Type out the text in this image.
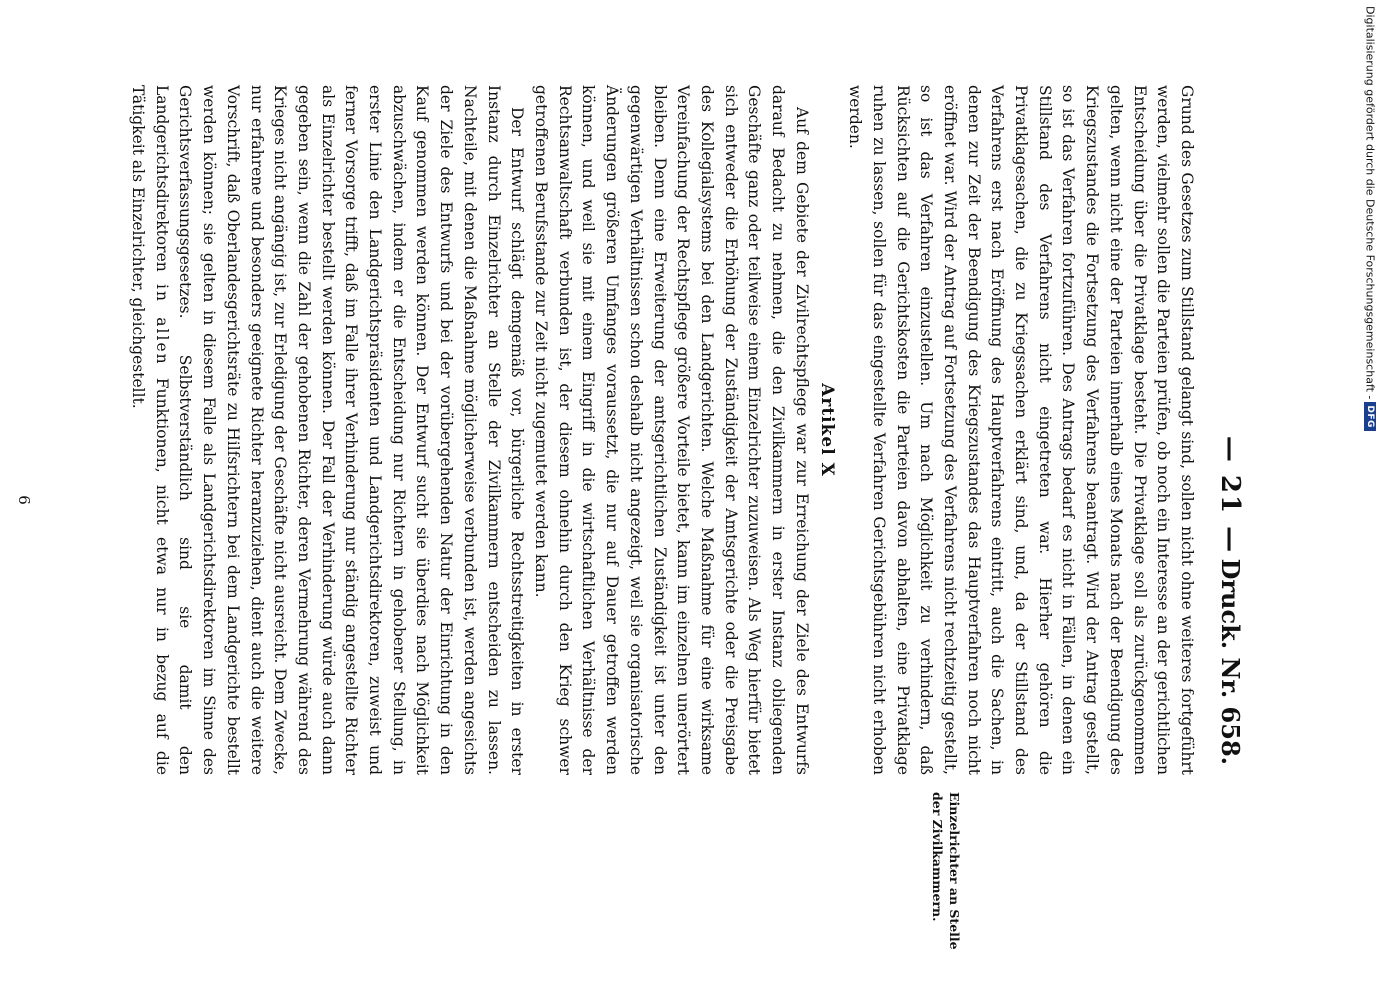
— 21 —
Druck. Nr. 658.

Grund des Gesetzes zum Stillstand gelangt sind, sollen nicht ohne weiteres fortgeführt werden, vielmehr sollen die Parteien prüfen, ob noch ein Interesse an der gerichtlichen Entscheidung über die Privatklage besteht. Die Privatklage soll als zurückgenommen gelten, wenn nicht eine der Parteien innerhalb eines Monats nach der Beendigung des Kriegszustandes die Fortsetzung des Verfahrens beantragt. Wird der Antrag gestellt, so ist das Verfahren fortzuführen. Des Antrags bedarf es nicht in Fällen, in denen ein Stillstand des Verfahrens nicht eingetreten war. Hierher gehören die Privatklagesachen, die zu Kriegssachen erklärt sind, und, da der Stillstand des Verfahrens erst nach Eröffnung des Hauptverfahrens eintritt, auch die Sachen, in denen zur Zeit der Beendigung des Kriegszustandes das Hauptverfahren noch nicht eröffnet war. Wird der Antrag auf Fortsetzung des Verfahrens nicht rechtzeitig gestellt, so ist das Verfahren einzustellen. Um nach Möglichkeit zu verhindern, daß Rücksichten auf die Gerichtskosten die Parteien davon abhalten, eine Privatklage ruhen zu lassen, sollen für das eingestellte Verfahren Gerichtsgebühren nicht erhoben werden.

Artikel X

Auf dem Gebiete der Zivilrechtspflege war zur Erreichung der Ziele des Entwurfs darauf Bedacht zu nehmen, die den Zivilkammern in erster Instanz obliegenden Geschäfte ganz oder teilweise einem Einzelrichter zuzuweisen. Als Weg hierfür bietet sich entweder die Erhöhung der Zuständigkeit der Amtsgerichte oder die Preisgabe des Kollegialsystems bei den Landgerichten. Welche Maßnahme für eine wirksame Vereinfachung der Rechtspflege größere Vorteile bietet, kann im einzelnen unerörtert bleiben. Denn eine Erweiterung der amtsgerichtlichen Zuständigkeit ist unter den gegenwärtigen Verhältnissen schon deshalb nicht angezeigt, weil sie organisatorische Änderungen größeren Umfanges voraussetzt, die nur auf Dauer getroffen werden können, und weil sie mit einem Eingriff in die wirtschaftlichen Verhältnisse der Rechtsanwaltschaft verbunden ist, der diesem ohnehin durch den Krieg schwer getroffenen Berufsstande zur Zeit nicht zugemutet werden kann.

Der Entwurf schlägt demgemäß vor, bürgerliche Rechtsstreitigkeiten in erster Instanz durch Einzelrichter an Stelle der Zivilkammern entscheiden zu lassen. Nachteile, mit denen die Maßnahme möglicherweise verbunden ist, werden angesichts der Ziele des Entwurfs und bei der vorübergehenden Natur der Einrichtung in den Kauf genommen werden können. Der Entwurf sucht sie überdies nach Möglichkeit abzuschwächen, indem er die Entscheidung nur Richtern in gehobener Stellung, in erster Linie den Landgerichtspräsidenten und Landgerichtsdirektoren, zuweist und ferner Vorsorge trifft, daß im Falle ihrer Verhinderung nur ständig angestellte Richter als Einzelrichter bestellt werden können. Der Fall der Verhinderung würde auch dann gegeben sein, wenn die Zahl der gehobenen Richter, deren Vermehrung während des Krieges nicht angängig ist, zur Erledigung der Geschäfte nicht ausreicht. Dem Zwecke, nur erfahrene und besonders geeignete Richter heranzuziehen, dient auch die weitere Vorschrift, daß Oberlandesgerichtsräte zu Hilfsrichtern bei dem Landgerichte bestellt werden können; sie gelten in diesem Falle als Landgerichtsdirektoren im Sinne des Gerichtsverfassungsgesetzes. Selbstverständlich sind sie damit den Landgerichtsdirektoren in allen Funktionen, nicht etwa nur in bezug auf die Tätigkeit als Einzelrichter, gleichgestellt.

Einzelrichter an Stelle der Zivilkammern.
6
Digitalisierung gefördert durch die Deutsche Forschungsgemeinschaft -DFG
